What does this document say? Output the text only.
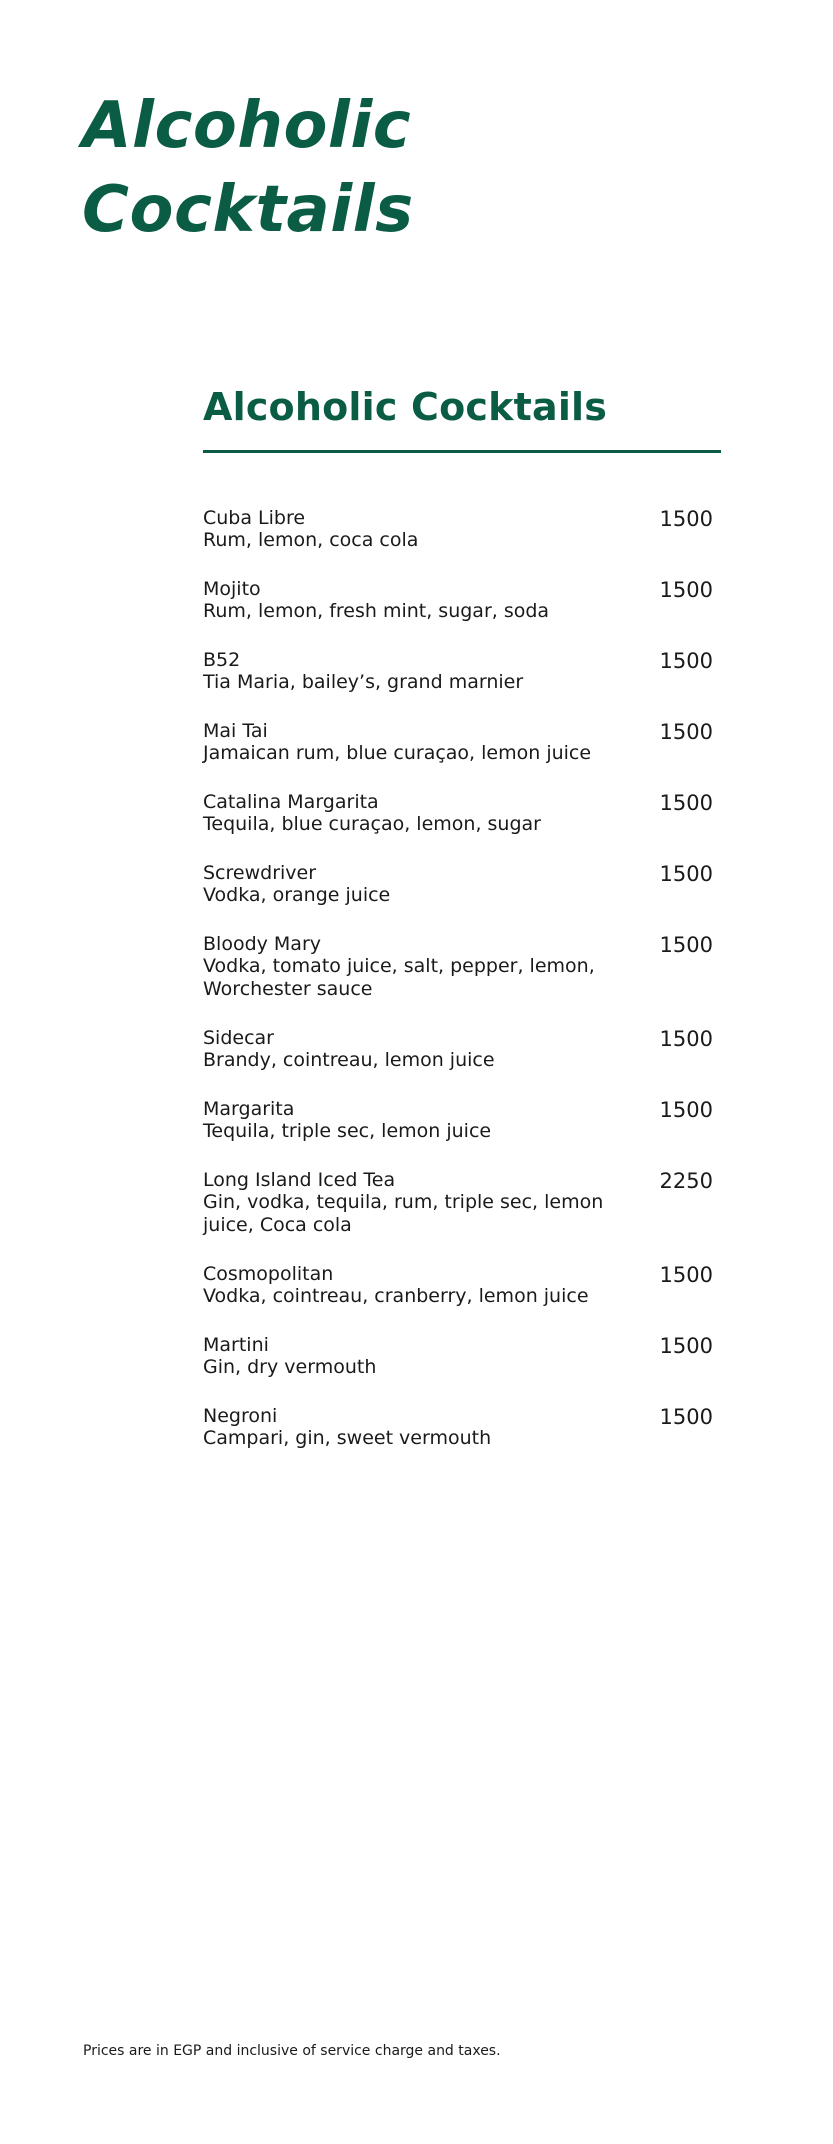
Alcoholic Cocktails
Alcoholic Cocktails
Cuba Libre
Rum, lemon, coca cola
1500
Mojito
Rum, lemon, fresh mint, sugar, soda
1500
B52
Tia Maria, bailey’s, grand marnier
1500
Mai Tai
Jamaican rum, blue curaçao, lemon juice
1500
Catalina Margarita
Tequila, blue curaçao, lemon, sugar
1500
Screwdriver
Vodka, orange juice
1500
Bloody Mary
Vodka, tomato juice, salt, pepper, lemon, Worchester sauce
1500
Sidecar
Brandy, cointreau, lemon juice
1500
Margarita
Tequila, triple sec, lemon juice
1500
Long Island Iced Tea
Gin, vodka, tequila, rum, triple sec, lemon juice, Coca cola
2250
Cosmopolitan
Vodka, cointreau, cranberry, lemon juice
1500
Martini
Gin, dry vermouth
1500
Negroni
Campari, gin, sweet vermouth
1500

Prices are in EGP and inclusive of service charge and taxes.
